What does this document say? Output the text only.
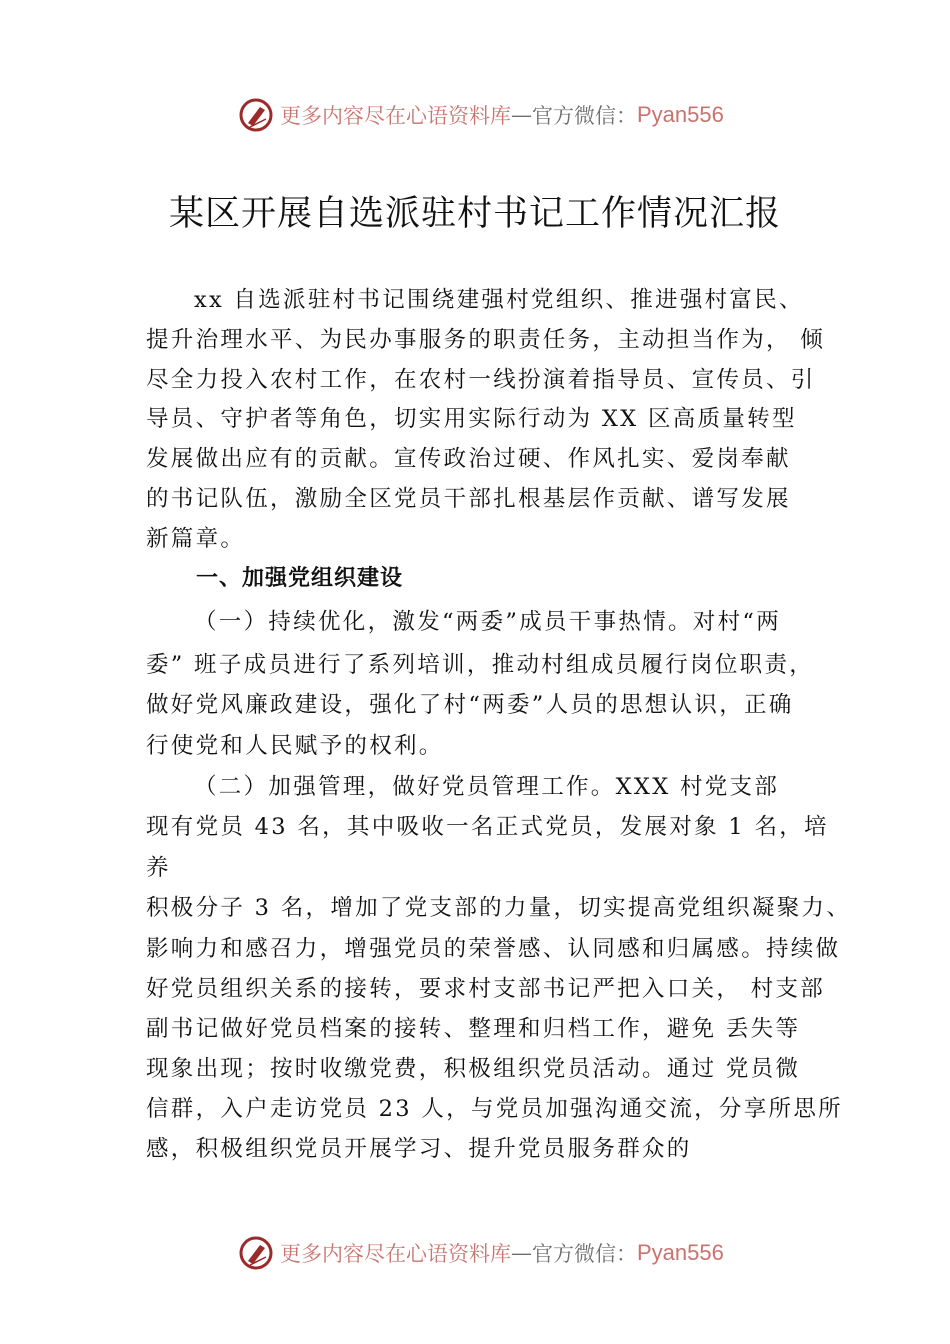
更多内容尽在心语资料库 — 官方微信： Pyan556
某区开展自选派驻村书记工作情况汇报
xx 自选派驻村书记围绕建强村党组织、推进强村富民、
提升治理水平、为民办事服务的职责任务，主动担当作为， 倾
尽全力投入农村工作，在农村一线扮演着指导员、宣传员、引
导员、守护者等角色，切实用实际行动为 XX 区高质量转型
发展做出应有的贡献。宣传政治过硬、作风扎实、爱岗奉献
的书记队伍，激励全区党员干部扎根基层作贡献、谱写发展
新篇章。
一、加强党组织建设
（一）持续优化，激发“两委”成员干事热情。对村“两
委” 班子成员进行了系列培训，推动村组成员履行岗位职责，
做好党风廉政建设，强化了村“两委”人员的思想认识，正确
行使党和人民赋予的权利。
（二）加强管理，做好党员管理工作。XXX 村党支部
现有党员 43 名，其中吸收一名正式党员，发展对象 1 名，培
养
积极分子 3 名，增加了党支部的力量，切实提高党组织凝聚力、
影响力和感召力，增强党员的荣誉感、认同感和归属感。持续做
好党员组织关系的接转，要求村支部书记严把入口关， 村支部
副书记做好党员档案的接转、整理和归档工作，避免 丢失等
现象出现；按时收缴党费，积极组织党员活动。通过 党员微
信群，入户走访党员 23 人，与党员加强沟通交流，分享所思所
感，积极组织党员开展学习、提升党员服务群众的
更多内容尽在心语资料库 — 官方微信： Pyan556
